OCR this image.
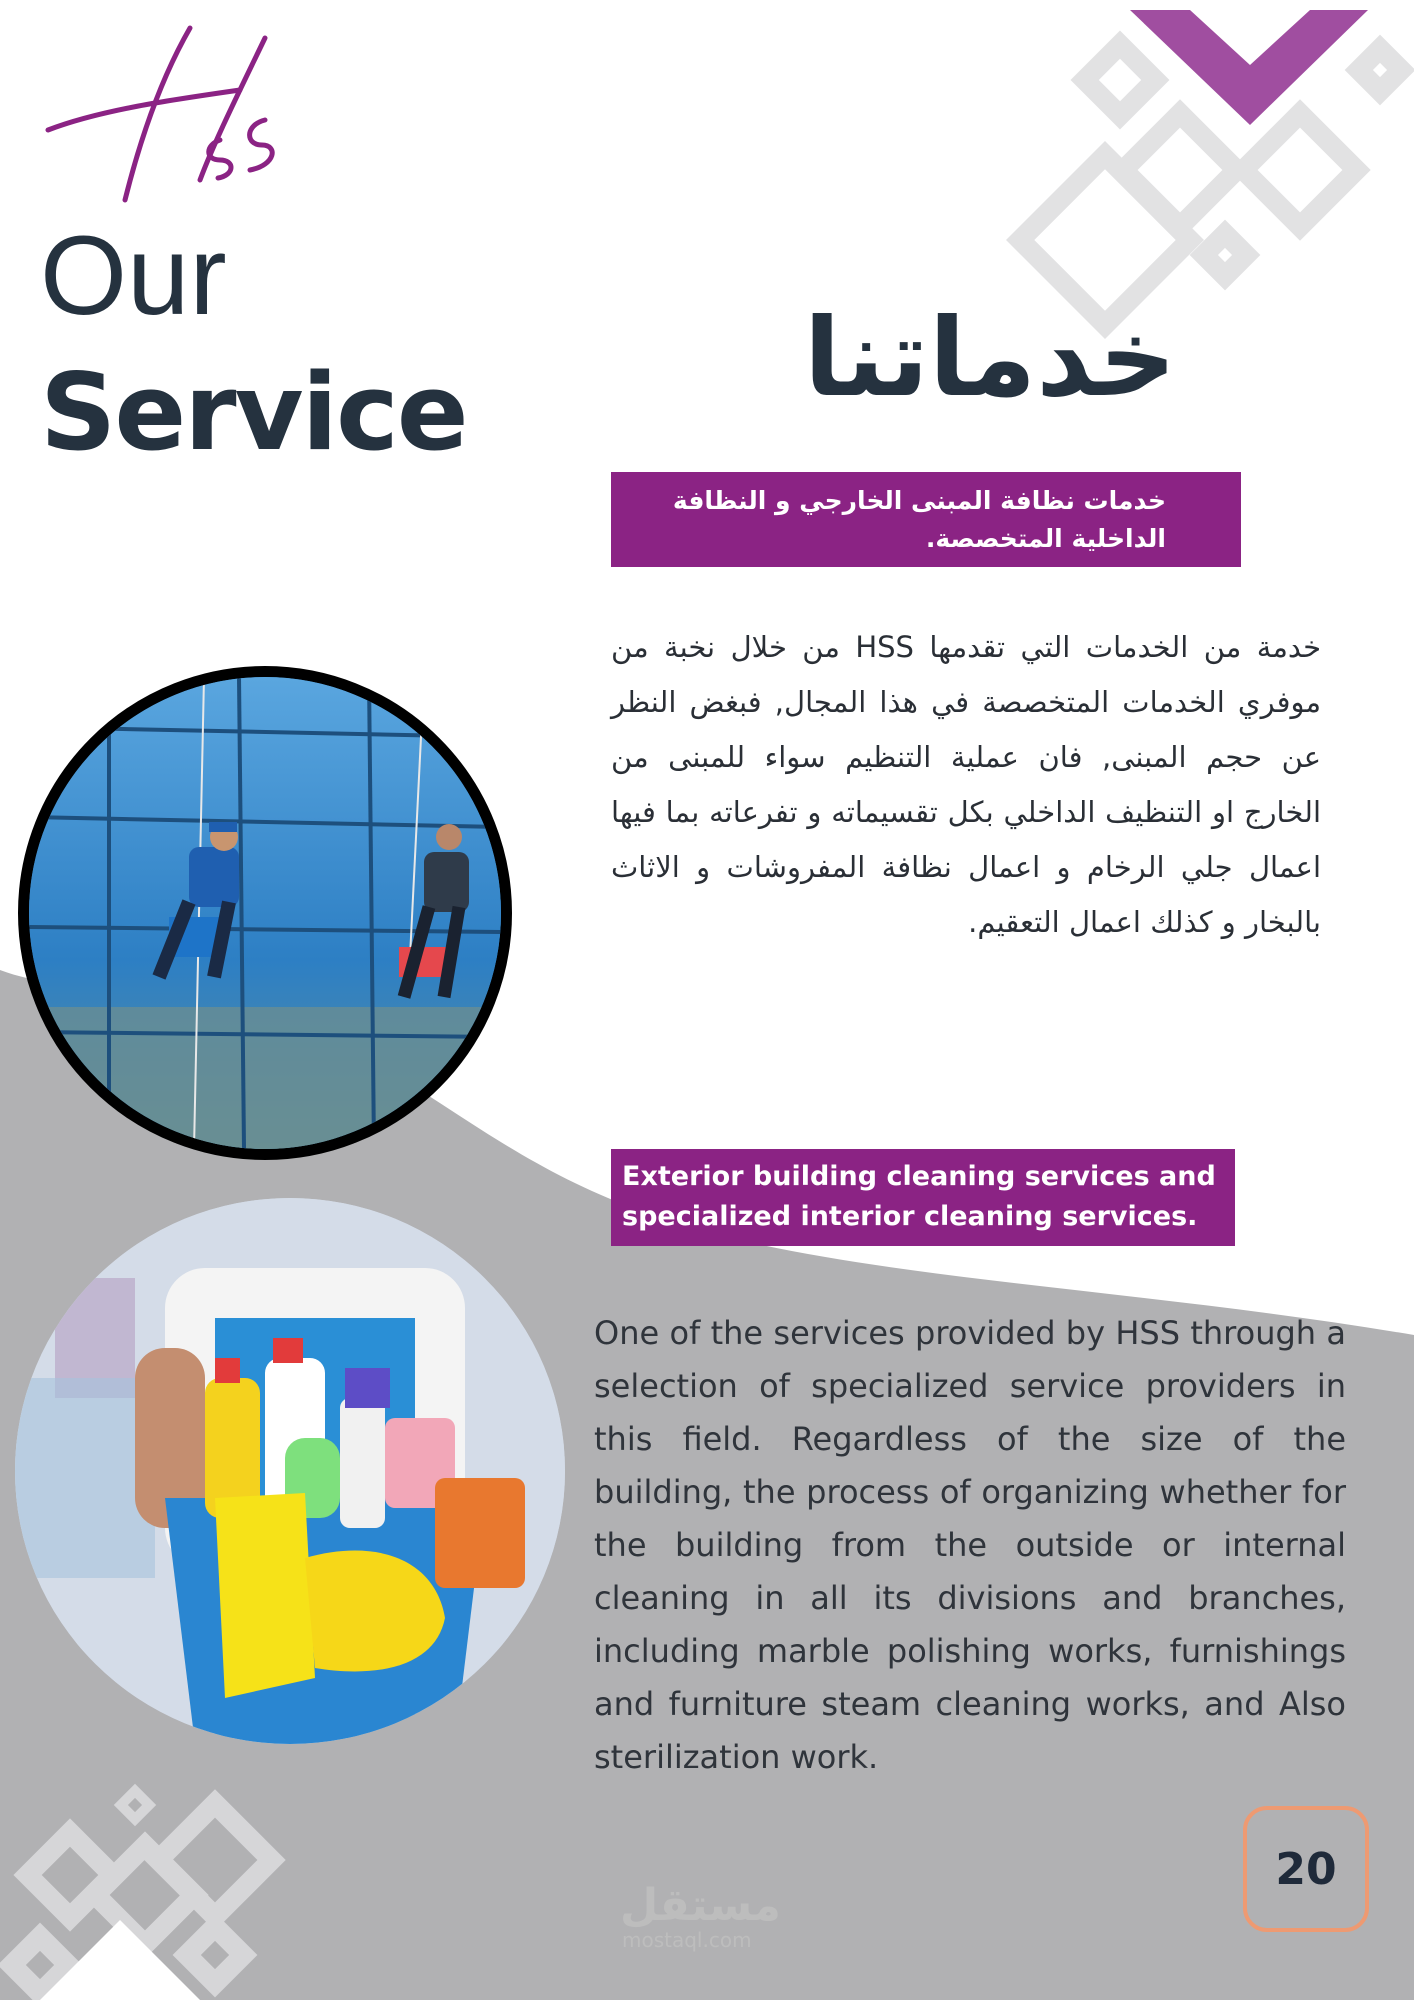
Our
Service	خدماتنا
خدمات نظافة المبنى الخارجي و النظافة الداخلية المتخصصة.
خدمة من الخدمات التي تقدمها HSS من خلال نخبة من موفري الخدمات المتخصصة في هذا المجال, فبغض النظر عن حجم المبنى, فان عملية التنظيم سواء للمبنى من الخارج او التنظيف الداخلي بكل تقسيماته و تفرعاته بما فيها اعمال جلي الرخام و اعمال نظافة المفروشات و الاثاث بالبخار و كذلك اعمال التعقيم.
Exterior building cleaning services and specialized interior cleaning services.
One of the services provided by HSS through a selection of specialized service providers in this field. Regardless of the size of the building, the process of organizing whether for the building from the outside or internal cleaning in all its divisions and branches, including marble polishing works, furnishings and furniture steam cleaning works, and Also sterilization work.
20
مستقل
mostaql.com
